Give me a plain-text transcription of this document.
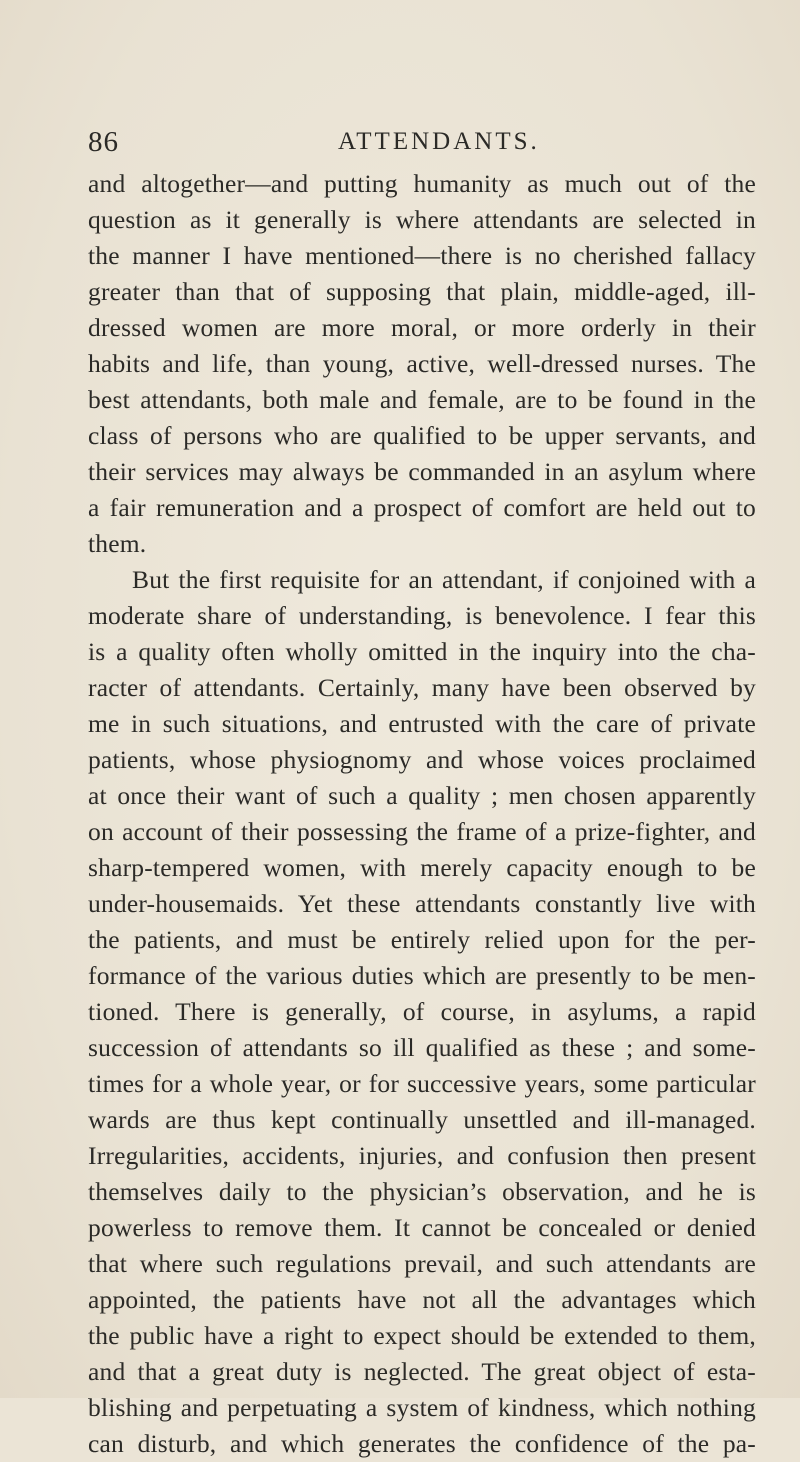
86	ATTENDANTS.
and altogether—and putting humanity as much out of the
question as it generally is where attendants are selected in
the manner I have mentioned—there is no cherished fallacy
greater than that of supposing that plain, middle-aged, ill-
dressed women are more moral, or more orderly in their
habits and life, than young, active, well-dressed nurses. The
best attendants, both male and female, are to be found in the
class of persons who are qualified to be upper servants, and
their services may always be commanded in an asylum where
a fair remuneration and a prospect of comfort are held out to
them.
But the first requisite for an attendant, if conjoined with a
moderate share of understanding, is benevolence. I fear this
is a quality often wholly omitted in the inquiry into the cha-
racter of attendants. Certainly, many have been observed by
me in such situations, and entrusted with the care of private
patients, whose physiognomy and whose voices proclaimed
at once their want of such a quality ; men chosen apparently
on account of their possessing the frame of a prize-fighter, and
sharp-tempered women, with merely capacity enough to be
under-housemaids. Yet these attendants constantly live with
the patients, and must be entirely relied upon for the per-
formance of the various duties which are presently to be men-
tioned. There is generally, of course, in asylums, a rapid
succession of attendants so ill qualified as these ; and some-
times for a whole year, or for successive years, some particular
wards are thus kept continually unsettled and ill-managed.
Irregularities, accidents, injuries, and confusion then present
themselves daily to the physician’s observation, and he is
powerless to remove them. It cannot be concealed or denied
that where such regulations prevail, and such attendants are
appointed, the patients have not all the advantages which
the public have a right to expect should be extended to them,
and that a great duty is neglected. The great object of esta-
blishing and perpetuating a system of kindness, which nothing
can disturb, and which generates the confidence of the pa-
